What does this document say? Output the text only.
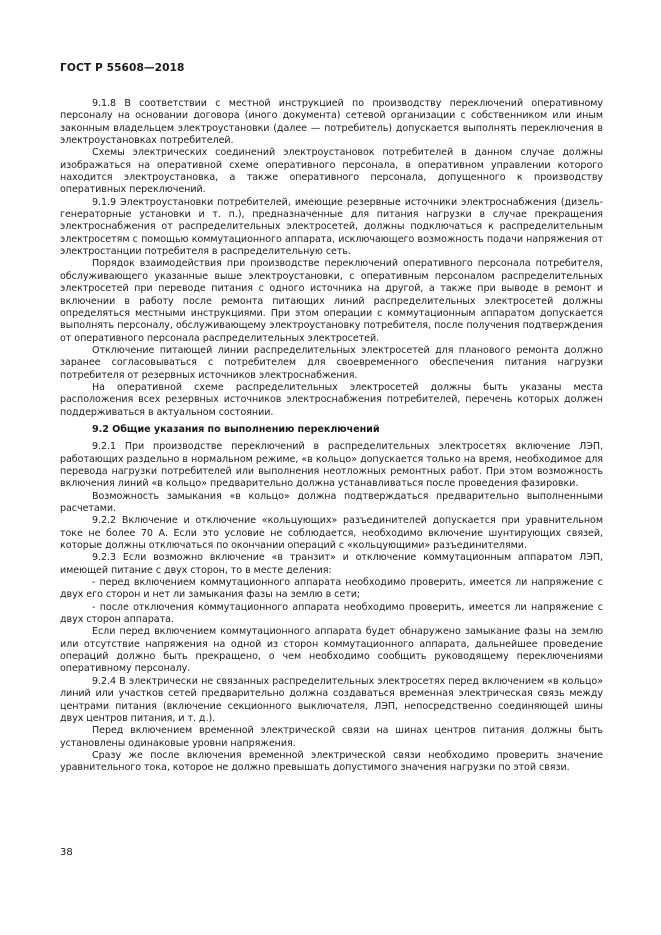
ГОСТ Р 55608—2018

9.1.8 В соответствии с местной инструкцией по производству переключений оперативному персоналу на основании договора (иного документа) сетевой организации с собственником или иным законным владельцем электроустановки (далее — потребитель) допускается выполнять переключения в электроустановках потребителей.

Схемы электрических соединений электроустановок потребителей в данном случае должны изображаться на оперативной схеме оперативного персонала, в оперативном управлении которого находится электроустановка, а также оперативного персонала, допущенного к производству оперативных переключений.

9.1.9 Электроустановки потребителей, имеющие резервные источники электроснабжения (дизель-генераторные установки и т. п.), предназначенные для питания нагрузки в случае прекращения электроснабжения от распределительных электросетей, должны подключаться к распределительным электросетям с помощью коммутационного аппарата, исключающего возможность подачи напряжения от электростанции потребителя в распределительную сеть.

Порядок взаимодействия при производстве переключений оперативного персонала потребителя, обслуживающего указанные выше электроустановки, с оперативным персоналом распределительных электросетей при переводе питания с одного источника на другой, а также при выводе в ремонт и включении в работу после ремонта питающих линий распределительных электросетей должны определяться местными инструкциями. При этом операции с коммутационным аппаратом допускается выполнять персоналу, обслуживающему электроустановку потребителя, после получения подтверждения от оперативного персонала распределительных электросетей.

Отключение питающей линии распределительных электросетей для планового ремонта должно заранее согласовываться с потребителем для своевременного обеспечения питания нагрузки потребителя от резервных источников электроснабжения.

На оперативной схеме распределительных электросетей должны быть указаны места расположения всех резервных источников электроснабжения потребителей, перечень которых должен поддерживаться в актуальном состоянии.

9.2 Общие указания по выполнению переключений

9.2.1 При производстве переключений в распределительных электросетях включение ЛЭП, работающих раздельно в нормальном режиме, «в кольцо» допускается только на время, необходимое для перевода нагрузки потребителей или выполнения неотложных ремонтных работ. При этом возможность включения линий «в кольцо» предварительно должна устанавливаться после проведения фазировки.

Возможность замыкания «в кольцо» должна подтверждаться предварительно выполненными расчетами.

9.2.2 Включение и отключение «кольцующих» разъединителей допускается при уравнительном токе не более 70 А. Если это условие не соблюдается, необходимо включение шунтирующих связей, которые должны отключаться по окончании операций с «кольцующими» разъединителями.

9.2.3 Если возможно включение «в транзит» и отключение коммутационным аппаратом ЛЭП, имеющей питание с двух сторон, то в месте деления:

- перед включением коммутационного аппарата необходимо проверить, имеется ли напряжение с двух его сторон и нет ли замыкания фазы на землю в сети;

- после отключения коммутационного аппарата необходимо проверить, имеется ли напряжение с двух сторон аппарата.

Если перед включением коммутационного аппарата будет обнаружено замыкание фазы на землю или отсутствие напряжения на одной из сторон коммутационного аппарата, дальнейшее проведение операций должно быть прекращено, о чем необходимо сообщить руководящему переключениями оперативному персоналу.

9.2.4 В электрически не связанных распределительных электросетях перед включением «в кольцо» линий или участков сетей предварительно должна создаваться временная электрическая связь между центрами питания (включение секционного выключателя, ЛЭП, непосредственно соединяющей шины двух центров питания, и т. д.).

Перед включением временной электрической связи на шинах центров питания должны быть установлены одинаковые уровни напряжения.

Сразу же после включения временной электрической связи необходимо проверить значение уравнительного тока, которое не должно превышать допустимого значения нагрузки по этой связи.

38
